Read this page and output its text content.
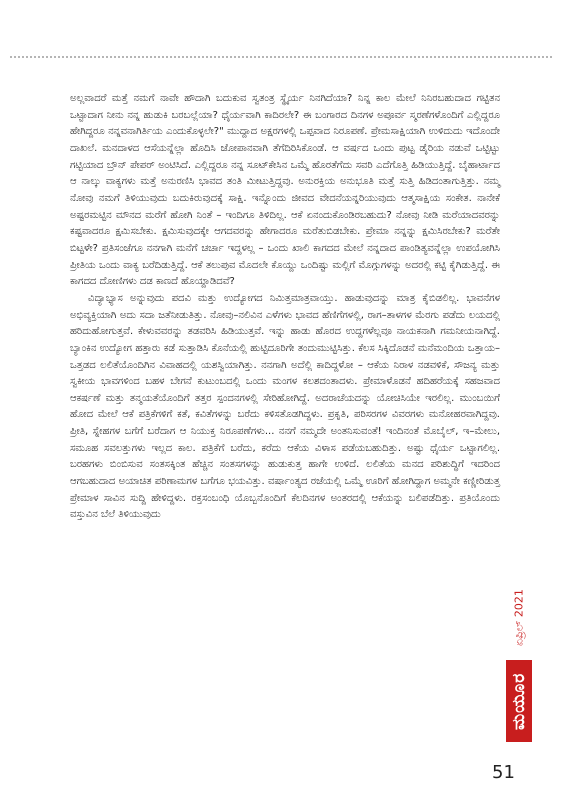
ಅಲ್ಲವಾದರೆ ಮತ್ತೆ ನಮಗೆ ನಾವೇ ಹೌದಾಗಿ ಬದುಕುವ ಸ್ವತಂತ್ರ ಸ್ಥೈರ್ಯ ನಿನಗಿದೆಯಾ? ನಿನ್ನ ಕಾಲ ಮೇಲೆ ನಿನಿರಬಹುದಾದ ಗಟ್ಟಿತನ ಒಟ್ಟಾದಾಗ ನೀನು ನನ್ನ ಹುಡುಕಿ ಬರಬಲ್ಲೆಯಾ? ಧೈರ್ಯವಾಗಿ ಕಾದಿರಲೇ? ಈ ಬಂಗಾರದ ದಿನಗಳ ಅಪೂರ್ವ ಸ್ಮರಣೆಗಳೊಂದಿಗೆ ಎಲ್ಲಿದ್ದರೂ ಹೇಗಿದ್ದರೂ ನನ್ನವನಾಗಿರ್ತಿಯ ಎಂದುಕೊಳ್ಳಲೇ?" ಮುದ್ದಾದ ಅಕ್ಷರಗಳಲ್ಲಿ ಒಪ್ಪವಾದ ನಿರೂಪಣೆ. ಪ್ರೇಮಸಾಕ್ಷಿಯಾಗಿ ಉಳಿದುದು ಇದೊಂದೇ ದಾಖಲೆ. ಮನದಾಳದ ಆಸೆಯನ್ನೆಲ್ಲಾ ಹೊದಿಸಿ ಜೋಪಾನವಾಗಿ ತೆಗೆದಿರಿಸಿಕೊಂಡೆ. ಆ ವರ್ಷದ ಒಂದು ಪುಟ್ಟ ಡೈರಿಯ ನಡುವೆ ಒಟ್ಟಿಟ್ಟು ಗಟ್ಟಿಯಾದ ಬ್ರೌನ್ ಪೇಪರ್ ಅಂಟಿಸಿದೆ. ಎಲ್ಲಿದ್ದರೂ ನನ್ನ ಸೂಟ್‌ಕೇಸಿನ ಒಮ್ಮೆ ಹೊರತೆಗೆದು ಸವರಿ ಎದೆಗೊತ್ತಿ ಹಿಡಿಯುತ್ತಿದ್ದೆ. ಬೈಹಾರ್ಟಾದ ಆ ನಾಲ್ಕು ವಾಕ್ಯಗಳು ಮತ್ತೆ ಅನುರಣಿಸಿ ಭಾವದ ತಂತಿ ಮೀಟುತ್ತಿದ್ದವು. ಅನುರಕ್ತಿಯ ಅನುಭೂತಿ ಮತ್ತೆ ಸುತ್ತಿ ಹಿಡಿದಂತಾಗುತ್ತಿತ್ತು. ನಮ್ಮ ನೋವು ನಮಗೆ ತಿಳಿಯುವುದು ಬದುಕಿರುವುದಕ್ಕೆ ಸಾಕ್ಷಿ. ಇನ್ನೊಂದು ಜೀವದ ವೇದನೆಯನ್ನರಿಯುವುದು ಆತ್ಮಸಾಕ್ಷಿಯ ಸಂಕೇತ. ನಾನೇಕೆ ಅಷ್ಟರಮಟ್ಟಿನ ಮೌನದ ಮರೆಗೆ ಹೋಗಿ ನಿಂತೆ – ಇಂದಿಗೂ ತಿಳಿದಿಲ್ಲ. ಆಕೆ ಏನಂದುಕೊಂಡಿರಬಹುದು? ನೋವು ನೀಡಿ ಮರೆಯಾದವರನ್ನು ಕಷ್ಟವಾದರೂ ಕ್ಷಮಿಸಬೇಕು. ಕ್ಷಮಿಸುವುದಕ್ಕೇ ಆಗದವರನ್ನು ಹೇಗಾದರೂ ಮರೆತುಬಿಡಬೇಕು. ಪ್ರೇಮಾ ನನ್ನನ್ನು ಕ್ಷಮಿಸಿರಬೇಕು? ಮರೆತೇ ಬಿಟ್ಟಳೇ? ಪ್ರತಿಸಂಜೆಗೂ ನನಗಾಗಿ ಮನೆಗೆ ಚರ್ಚಾ ಇದ್ದಳಲ್ಲ – ಒಂದು ಖಾಲಿ ಕಾಗದದ ಮೇಲೆ ನನ್ನದಾದ ಪಾಂಡಿತ್ಯವನ್ನೆಲ್ಲಾ ಉಪಯೋಗಿಸಿ ಪ್ರೀತಿಯ ಒಂದು ವಾಕ್ಯ ಬರೆದಿಡುತ್ತಿದ್ದೆ. ಆಕೆ ತಲುಪುವ ಮೊದಲೇ ಕೊಯ್ದು ಒಂದಿಷ್ಟು ಮಲ್ಲಿಗೆ ಮೊಗ್ಗುಗಳನ್ನು ಅದರಲ್ಲಿ ಕಟ್ಟಿ ಕೈಗಿಡುತ್ತಿದ್ದೆ. ಈ ಕಾಗದದ ದೋಣಿಗಳು ದಡ ಕಾಣದೆ ಹೊಯ್ದಾಡಿದವೆ?

ವಿದ್ಯಾಭ್ಯಾಸ ಅನ್ನುವುದು ಪದವಿ ಮತ್ತು ಉದ್ಯೋಗದ ನಿಮಿತ್ತಮಾತ್ರವಾಯ್ತು. ಹಾಡುವುದನ್ನು ಮಾತ್ರ ಕೈಬಿಡಲಿಲ್ಲ. ಭಾವನೆಗಳ ಅಭಿವ್ಯಕ್ತಿಯಾಗಿ ಅದು ಸದಾ ಜತೆನೀಡುತಿತ್ತು. ನೋವು–ನಲಿವಿನ ಎಳೆಗಳು ಭಾವದ ಹೆಣಿಗೆಗಳಲ್ಲಿ, ರಾಗ–ತಾಳಗಳ ಮೆರಗು ಪಡೆದು ಲಯದಲ್ಲಿ ಹರಿದುಹೋಗುತ್ತವೆ. ಕೇಳುವವರನ್ನು ತಡವರಿಸಿ ಹಿಡಿಯುತ್ತವೆ. ಇನ್ನು ಹಾಡು ಹೊರದ ಉದ್ದಗಳೆಲ್ಲವೂ ನಾಯಕನಾಗಿ ಗಮನೀಯನಾಗಿದ್ದೆ. ಬ್ಯಾಂಕಿನ ಉದ್ಯೋಗ ಹತ್ತಾರು ಕಡೆ ಸುತ್ತಾಡಿಸಿ ಕೊನೆಯಲ್ಲಿ ಹುಟ್ಟಿದೂರಿಗೇ ತಂದುಮುಟ್ಟಿಸಿತ್ತು. ಕೆಲಸ ಸಿಕ್ಕಿದೊಡನೆ ಮನೆಮಂದಿಯ ಒತ್ತಾಯ–ಒತ್ತಡದ ಲಲಿತೆಯೊಂದಿಗಿನ ವಿವಾಹದಲ್ಲಿ ಯಶಸ್ವಿಯಾಗಿತ್ತು. ನನಗಾಗಿ ಅದೆಲ್ಲಿ ಕಾದಿದ್ದಳೋ – ಆಕೆಯ ನಿರಾಳ ನಡವಳಿಕೆ, ಸೌಜನ್ಯ ಮತ್ತು ಸ್ವಕೀಯ ಭಾವಗಳಿಂದ ಬಹಳ ಬೇಗನೆ ಕುಟುಂಬದಲ್ಲಿ ಒಂದು ಮಂಗಳ ಕಲಶದಂತಾದಳು. ಪ್ರೇಮಾಳೊಡನೆ ಹದಿಹರೆಯಕ್ಕೆ ಸಹಜವಾದ ಆಕರ್ಷಣೆ ಮತ್ತು ತನ್ಮಯತೆಯೊಂದಿಗೆ ತತ್ತರ ಸ್ಪಂದನಗಳಲ್ಲಿ ಸೇರಿಹೋಗಿದ್ದೆ. ಅದರಾಚೆಯದನ್ನು ಯೋಚಿಸಿಯೇ ಇರಲಿಲ್ಲ. ಮುಂಬಯಿಗೆ ಹೋದ ಮೇಲೆ ಆಕೆ ಪತ್ರಿಕೆಗಳಿಗೆ ಕತೆ, ಕವಿತೆಗಳನ್ನು ಬರೆದು ಕಳಿಸತೊಡಗಿದ್ದಳು. ಪ್ರಕೃತಿ, ಪರಿಸರಗಳ ವಿವರಗಳು ಮನೋಹರವಾಗಿದ್ದವು. ಪ್ರೀತಿ, ಸ್ನೇಹಗಳ ಬಗೆಗೆ ಬರೆದಾಗ ಆ ನಿಯುಕ್ತ ನಿರೂಪಣೆಗಳು... ನನಗೆ ನಮ್ಮದೇ ಅಂತನಿಸುವಂತೆ! ಇಂದಿನಂತೆ ಮೊಬೈಲ್, ಇ–ಮೇಲು, ಸಮೂಹ ಸವಲತ್ತುಗಳು ಇಲ್ಲದ ಕಾಲ. ಪತ್ರಿಕೆಗೆ ಬರೆದು, ಕರೆದು ಆಕೆಯ ವಿಳಾಸ ಪಡೆಯಬಹುದಿತ್ತು. ಅಷ್ಟು ಧೈರ್ಯ ಒಟ್ಟಾಗಲಿಲ್ಲ. ಬರಹಗಳು ಬಿಂಬಿಸುವ ಸಂತಸಕ್ಕಿಂತ ಹೆಚ್ಚಿನ ಸಂತಸಗಳನ್ನು ಹುಡುಕುತ್ತ ಹಾಗೇ ಉಳಿದೆ. ಲಲಿತೆಯ ಮನದ ಪರಿಶುದ್ಧಿಗೆ ಇದರಿಂದ ಆಗಬಹುದಾದ ಅಯಾಚಿತ ಪರಿಣಾಮಗಳ ಬಗೆಗೂ ಭಯವಿತ್ತು. ವರ್ಷಾಂತ್ಯದ ರಜೆಯಲ್ಲಿ ಒಮ್ಮೆ ಊರಿಗೆ ಹೋಗಿದ್ದಾಗ ಅಮ್ಮನೇ ಕಣ್ಣೀರಿಡುತ್ತ ಪ್ರೇಮಾಳ ಸಾವಿನ ಸುದ್ದಿ ಹೇಳಿದ್ದಳು. ರಕ್ತಸಂಬಂಧಿ ಯೊಬ್ಬನೊಂದಿಗೆ ಕೆಲದಿನಗಳ ಅಂತರದಲ್ಲಿ ಆಕೆಯನ್ನು ಬಲಿಪಡೆದಿತ್ತು. ಪ್ರತಿಯೊಂದು ವಸ್ತುವಿನ ಬೆಲೆ ತಿಳಿಯುವುದು

ಏಪ್ರಿಲ್ 2021
ಮಯೂರ
51
